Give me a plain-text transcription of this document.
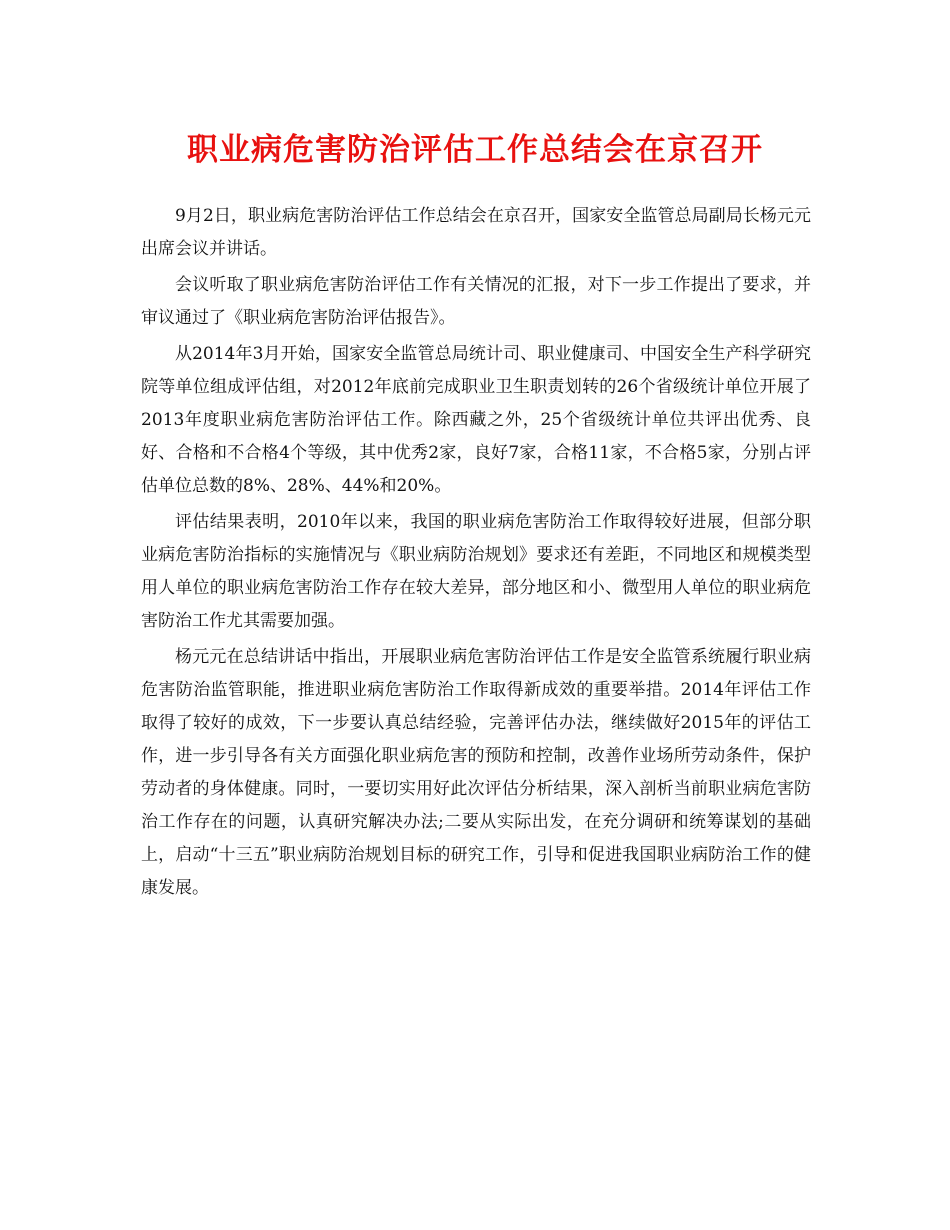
职业病危害防治评估工作总结会在京召开

9月2日，职业病危害防治评估工作总结会在京召开，国家安全监管总局副局长杨元元出席会议并讲话。

会议听取了职业病危害防治评估工作有关情况的汇报，对下一步工作提出了要求，并审议通过了《职业病危害防治评估报告》。

从2014年3月开始，国家安全监管总局统计司、职业健康司、中国安全生产科学研究院等单位组成评估组，对2012年底前完成职业卫生职责划转的26个省级统计单位开展了2013年度职业病危害防治评估工作。除西藏之外，25个省级统计单位共评出优秀、良好、合格和不合格4个等级，其中优秀2家，良好7家，合格11家，不合格5家，分别占评估单位总数的8%、28%、44%和20%。

评估结果表明，2010年以来，我国的职业病危害防治工作取得较好进展，但部分职业病危害防治指标的实施情况与《职业病防治规划》要求还有差距，不同地区和规模类型用人单位的职业病危害防治工作存在较大差异，部分地区和小、微型用人单位的职业病危害防治工作尤其需要加强。

杨元元在总结讲话中指出，开展职业病危害防治评估工作是安全监管系统履行职业病危害防治监管职能，推进职业病危害防治工作取得新成效的重要举措。2014年评估工作取得了较好的成效，下一步要认真总结经验，完善评估办法，继续做好2015年的评估工作，进一步引导各有关方面强化职业病危害的预防和控制，改善作业场所劳动条件，保护劳动者的身体健康。同时，一要切实用好此次评估分析结果，深入剖析当前职业病危害防治工作存在的问题，认真研究解决办法;二要从实际出发，在充分调研和统筹谋划的基础上，启动“十三五”职业病防治规划目标的研究工作，引导和促进我国职业病防治工作的健康发展。
